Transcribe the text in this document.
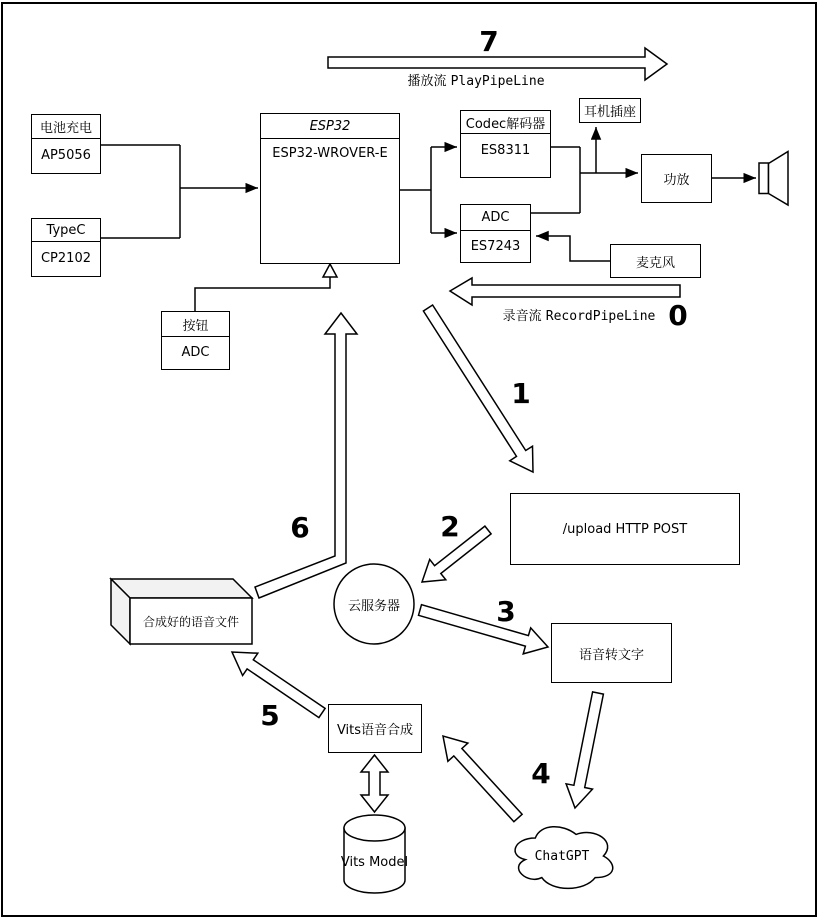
7
播放流 PlayPipeLine
0
录音流 RecordPipeLine
电池充电
AP5056
TypeC
CP2102
ESP32
ESP32-WROVER-E
按钮
ADC
Codec解码器
ES8311
ADC
ES7243
耳机插座
功放
麦克风
/upload HTTP POST
语音转文字
Vits语音合成
云服务器
ChatGPT
Vits Model
合成好的语音文件
1
2
3
4
5
6
